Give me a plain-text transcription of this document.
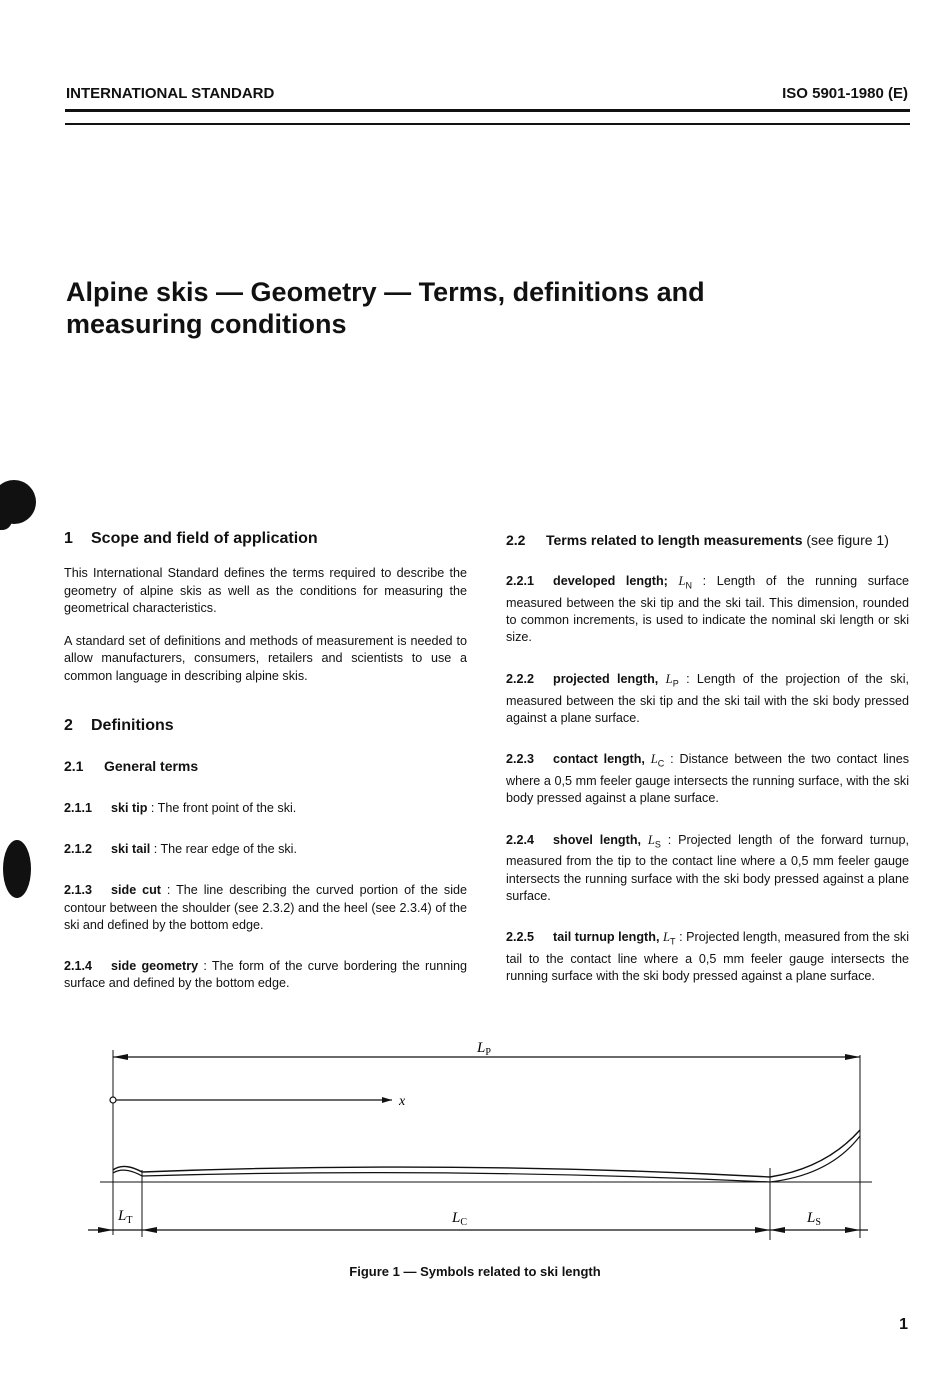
INTERNATIONAL STANDARD	ISO 5901-1980 (E)
Alpine skis — Geometry — Terms, definitions and
measuring conditions
1 Scope and field of application

This International Standard defines the terms required to describe the geometry of alpine skis as well as the conditions for measuring the geometrical characteristics.

A standard set of definitions and methods of measurement is needed to allow manufacturers, consumers, retailers and scientists to use a common language in describing alpine skis.

2 Definitions
2.1 General terms

2.1.1 ski tip : The front point of the ski.

2.1.2 ski tail : The rear edge of the ski.

2.1.3 side cut : The line describing the curved portion of the side contour between the shoulder (see 2.3.2) and the heel (see 2.3.4) of the ski and defined by the bottom edge.

2.1.4 side geometry : The form of the curve bordering the running surface and defined by the bottom edge.

2.2 Terms related to length measurements (see figure 1)

2.2.1 developed length; $L_N$ : Length of the running surface measured between the ski tip and the ski tail. This dimension, rounded to common increments, is used to indicate the nominal ski length or ski size.

2.2.2 projected length, $L_P$ : Length of the projection of the ski, measured between the ski tip and the ski tail with the ski body pressed against a plane surface.

2.2.3 contact length, $L_C$ : Distance between the two contact lines where a 0,5 mm feeler gauge intersects the running surface, with the ski body pressed against a plane surface.

2.2.4 shovel length, $L_S$ : Projected length of the forward turnup, measured from the tip to the contact line where a 0,5 mm feeler gauge intersects the running surface with the ski body pressed against a plane surface.

2.2.5 tail turnup length, $L_T$ : Projected length, measured from the ski tail to the contact line where a 0,5 mm feeler gauge intersects the running surface with the ski body pressed against a plane surface.

$L_P$
x
$L_T$	$L_C$	$L_S$
Figure 1 — Symbols related to ski length
1
